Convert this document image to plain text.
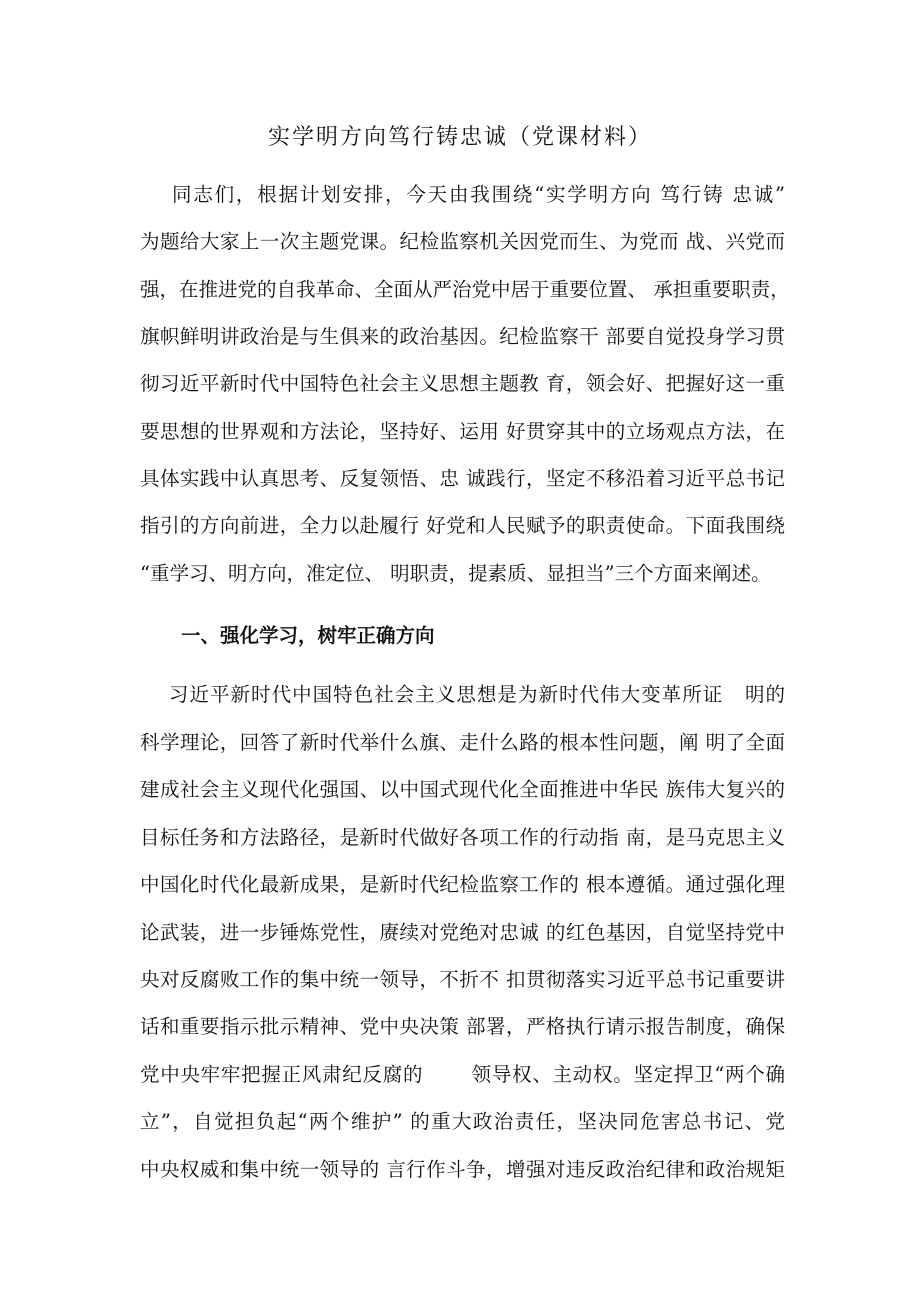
实学明方向笃行铸忠诚（党课材料）
同志们，根据计划安排，今天由我围绕“实学明方向 笃行铸 忠诚”
为题给大家上一次主题党课。纪检监察机关因党而生、为党而 战、兴党而
强，在推进党的自我革命、全面从严治党中居于重要位置、 承担重要职责，
旗帜鲜明讲政治是与生俱来的政治基因。纪检监察干 部要自觉投身学习贯
彻习近平新时代中国特色社会主义思想主题教 育，领会好、把握好这一重
要思想的世界观和方法论，坚持好、运用 好贯穿其中的立场观点方法，在
具体实践中认真思考、反复领悟、忠 诚践行，坚定不移沿着习近平总书记
指引的方向前进，全力以赴履行 好党和人民赋予的职责使命。下面我围绕
“重学习、明方向，准定位、 明职责，提素质、显担当”三个方面来阐述。
一、强化学习，树牢正确方向
习近平新时代中国特色社会主义思想是为新时代伟大变革所证   明的
科学理论，回答了新时代举什么旗、走什么路的根本性问题，阐 明了全面
建成社会主义现代化强国、以中国式现代化全面推进中华民 族伟大复兴的
目标任务和方法路径，是新时代做好各项工作的行动指 南，是马克思主义
中国化时代化最新成果，是新时代纪检监察工作的 根本遵循。通过强化理
论武装，进一步锤炼党性，赓续对党绝对忠诚 的红色基因，自觉坚持党中
央对反腐败工作的集中统一领导，不折不 扣贯彻落实习近平总书记重要讲
话和重要指示批示精神、党中央决策 部署，严格执行请示报告制度，确保
党中央牢牢把握正风肃纪反腐的       领导权、主动权。坚定捍卫“两个确
立”，自觉担负起“两个维护” 的重大政治责任，坚决同危害总书记、党
中央权威和集中统一领导的 言行作斗争，增强对违反政治纪律和政治规矩
